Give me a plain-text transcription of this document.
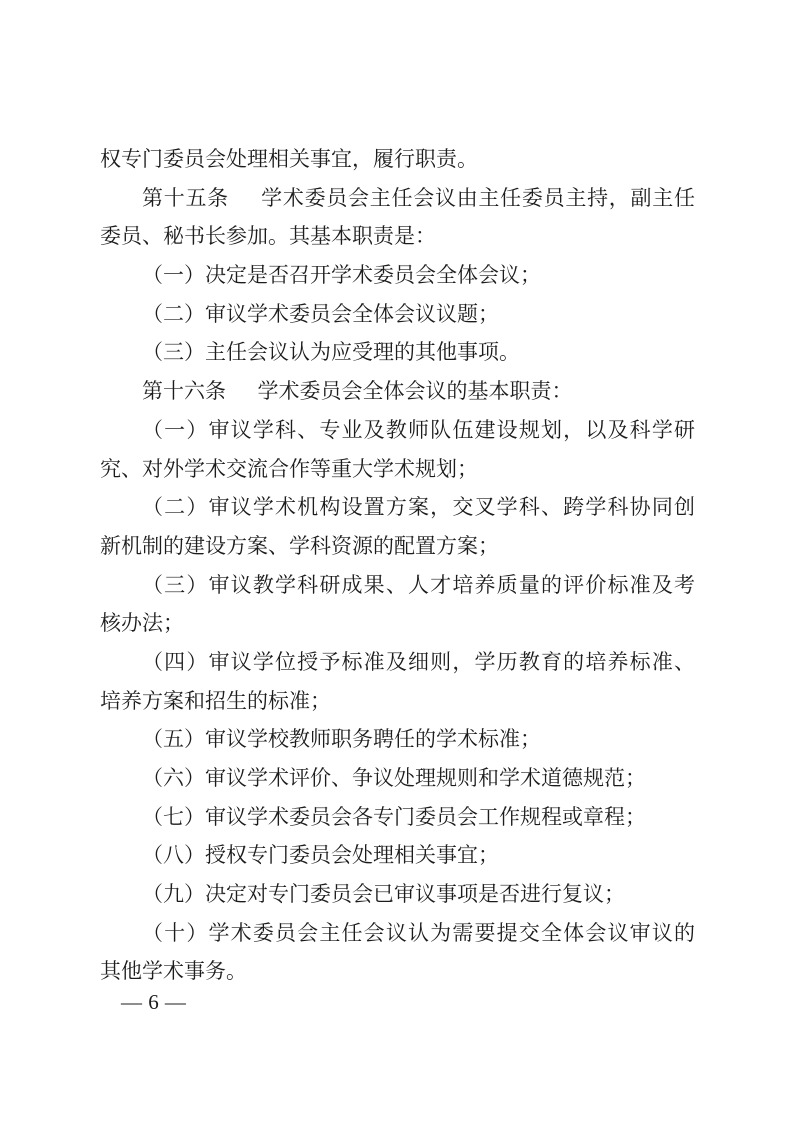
权专门委员会处理相关事宜，履行职责。

第十五条  学术委员会主任会议由主任委员主持，副主任

委员、秘书长参加。其基本职责是：

（一）决定是否召开学术委员会全体会议；

（二）审议学术委员会全体会议议题；

（三）主任会议认为应受理的其他事项。

第十六条  学术委员会全体会议的基本职责：

（一）审议学科、专业及教师队伍建设规划，以及科学研

究、对外学术交流合作等重大学术规划；

（二）审议学术机构设置方案，交叉学科、跨学科协同创

新机制的建设方案、学科资源的配置方案；

（三）审议教学科研成果、人才培养质量的评价标准及考

核办法；

（四）审议学位授予标准及细则，学历教育的培养标准、

培养方案和招生的标准；

（五）审议学校教师职务聘任的学术标准；

（六）审议学术评价、争议处理规则和学术道德规范；

（七）审议学术委员会各专门委员会工作规程或章程；

（八）授权专门委员会处理相关事宜；

（九）决定对专门委员会已审议事项是否进行复议；

（十）学术委员会主任会议认为需要提交全体会议审议的

其他学术事务。

— 6 —
